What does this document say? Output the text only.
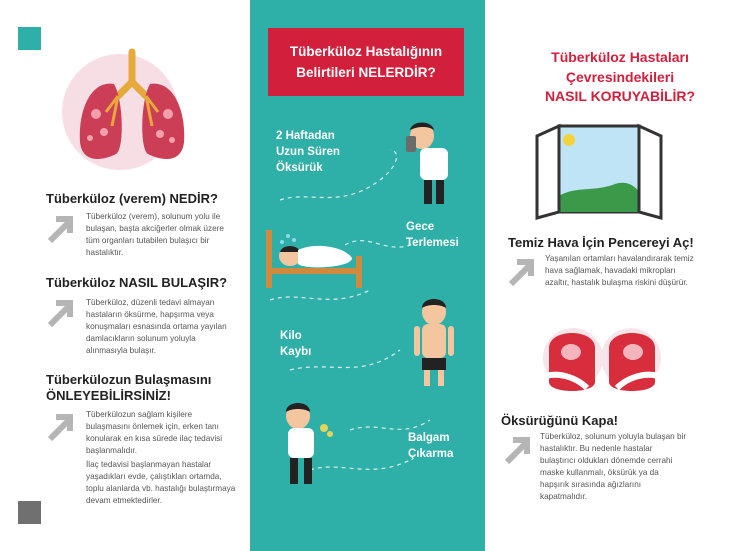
Tüberküloz (verem) NEDİR?
Tüberküloz (verem), solunum yolu ile bulaşan, başta akciğerler olmak üzere tüm organları tutabilen bulaşıcı bir hastalıktır.
Tüberküloz NASIL BULAŞIR?
Tüberküloz, düzenli tedavi almayan hastaların öksürme, hapşırma veya konuşmaları esnasında ortama yayılan damlacıkların solunum yoluyla alınmasıyla bulaşır.
Tüberkülozun Bulaşmasını
ÖNLEYEBİLİRSİNİZ!
Tüberkülozun sağlam kişilere bulaşmasını önlemek için, erken tanı konularak en kısa sürede ilaç tedavisi başlanmalıdır.
İlaç tedavisi başlanmayan hastalar yaşadıkları evde, çalıştıkları ortamda, toplu alanlarda vb. hastalığı bulaştırmaya devam etmektedirler.
Tüberküloz Hastalığının
Belirtileri NELERDİR?
2 Haftadan
Uzun Süren
Öksürük
Gece
Terlemesi
Kilo
Kaybı
Balgam
Çıkarma
Tüberküloz Hastaları
Çevresindekileri
NASIL KORUYABİLİR?
Temiz Hava İçin Pencereyi Aç!
Yaşanılan ortamları havalandırarak temiz hava sağlamak, havadaki mikropları azaltır, hastalık bulaşma riskini düşürür.
Öksürüğünü Kapa!
Tüberküloz, solunum yoluyla bulaşan bir hastalıktır. Bu nedenle hastalar bulaştırıcı oldukları dönemde cerrahi maske kullanmalı, öksürük ya da hapşırık sırasında ağızlarını kapatmalıdır.
